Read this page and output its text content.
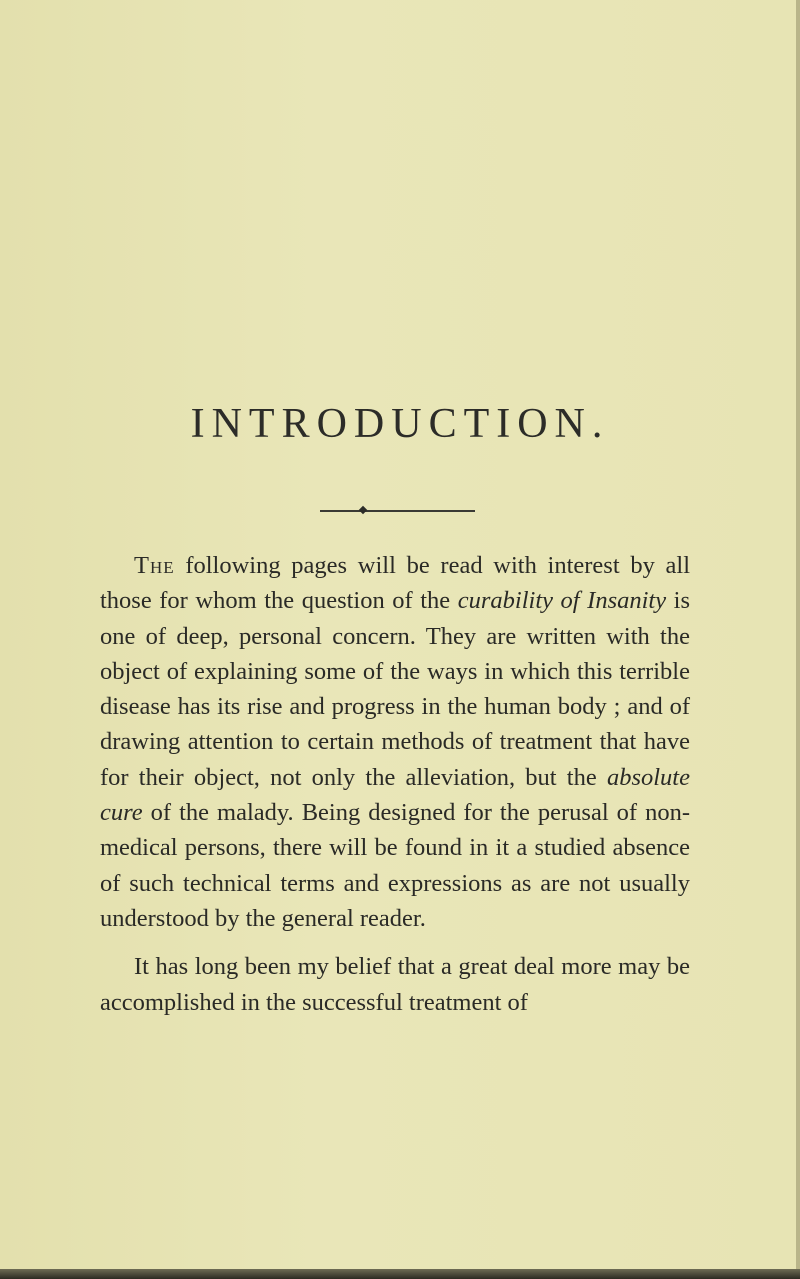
INTRODUCTION.

The following pages will be read with interest by all those for whom the question of the curability of Insanity is one of deep, personal concern. They are written with the object of explaining some of the ways in which this terrible disease has its rise and progress in the human body ; and of drawing attention to certain methods of treatment that have for their object, not only the alleviation, but the absolute cure of the malady. Being designed for the perusal of non-medical persons, there will be found in it a studied absence of such technical terms and expressions as are not usually understood by the general reader.

It has long been my belief that a great deal more may be accomplished in the successful treatment of
